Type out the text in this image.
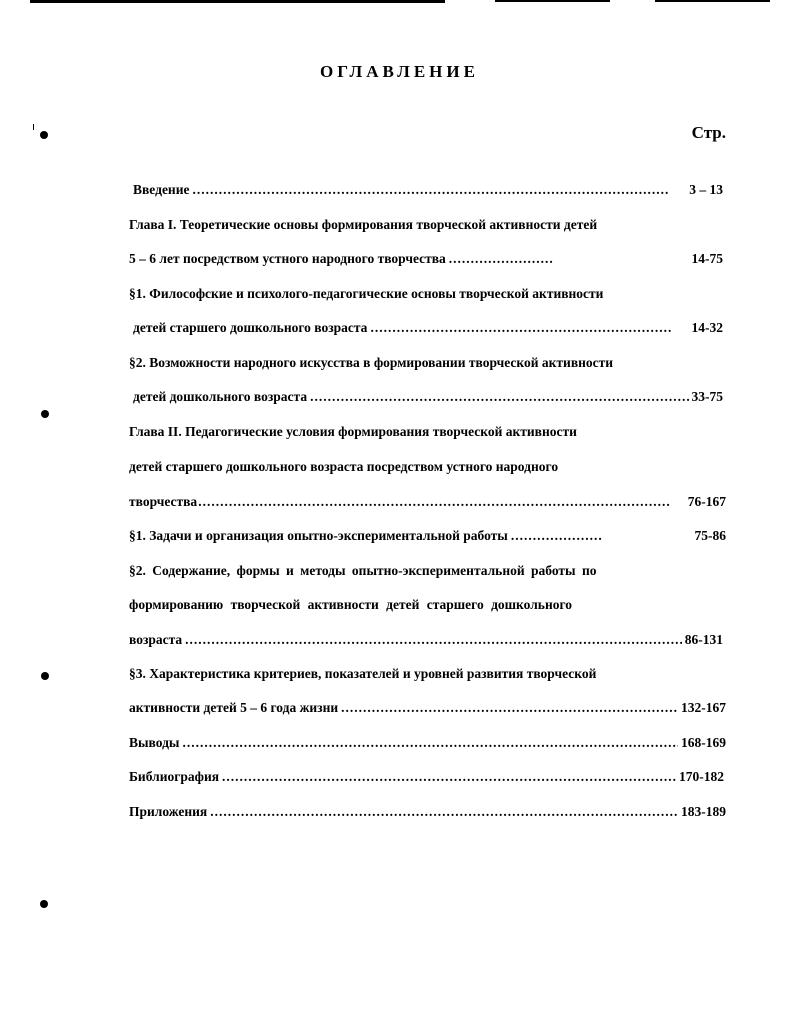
ОГЛАВЛЕНИЕ
Стр.
Введение .....	3 – 13
Глава I. Теоретические основы формирования творческой активности детей
5 – 6 лет посредством устного народного творчества .....	14-75
§1. Философские и психолого-педагогические основы творческой активности
детей старшего дошкольного возраста .....	14-32
§2. Возможности народного искусства в формировании творческой активности
детей дошкольного возраста .....	33-75
Глава II. Педагогические условия формирования творческой активности
детей старшего дошкольного возраста посредством устного народного
творчества .....	76-167
§1. Задачи и организация опытно-экспериментальной работы .....	75-86
§2. Содержание, формы и методы опытно-экспериментальной работы по
формированию творческой активности детей старшего дошкольного
возраста .....	86-131
§3. Характеристика критериев, показателей и уровней развития творческой
активности детей 5 – 6 года жизни .....	132-167
Выводы .....	168-169
Библиография .....	170-182
Приложения .....	183-189
